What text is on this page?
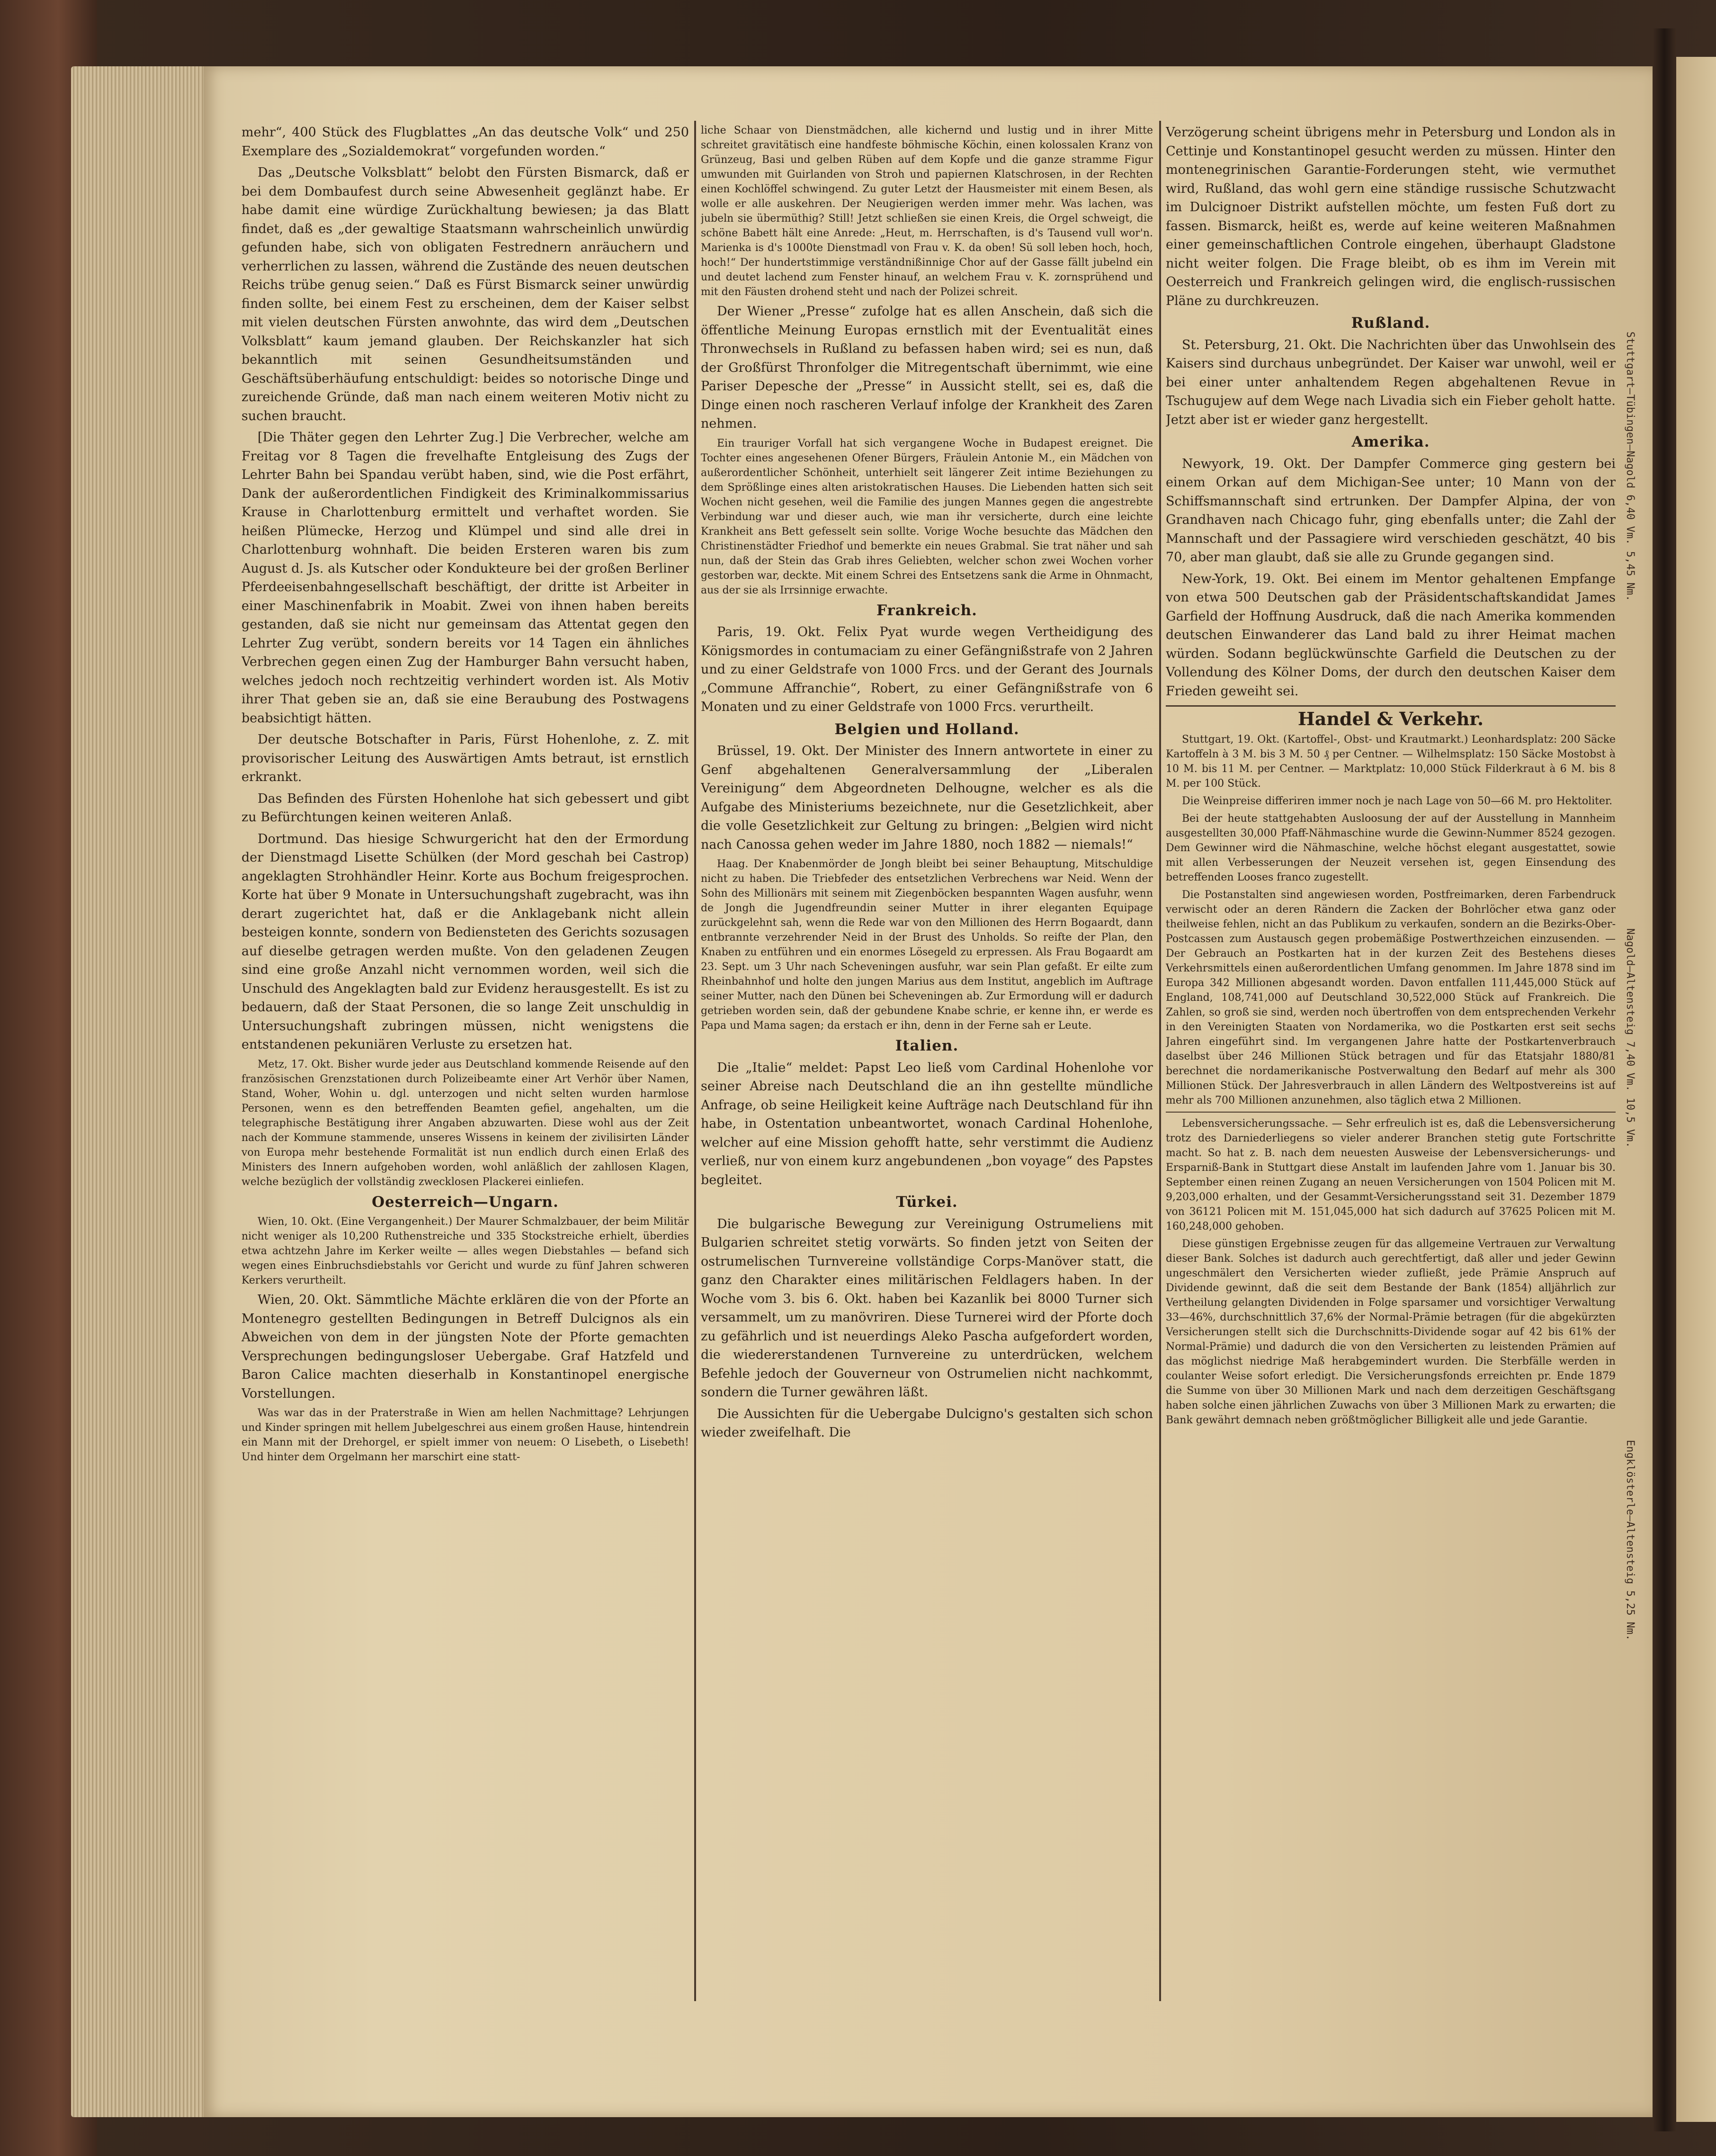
mehr“, 400 Stück des Flugblattes „An das deutsche Volk“ und 250 Exemplare des „Sozialdemokrat“ vorgefunden worden.“

Das „Deutsche Volksblatt“ belobt den Fürsten Bismarck, daß er bei dem Dombaufest durch seine Abwesenheit geglänzt habe. Er habe damit eine würdige Zurückhaltung bewiesen; ja das Blatt findet, daß es „der gewaltige Staatsmann wahrscheinlich unwürdig gefunden habe, sich von obligaten Festrednern anräuchern und verherrlichen zu lassen, während die Zustände des neuen deutschen Reichs trübe genug seien.“ Daß es Fürst Bismarck seiner unwürdig finden sollte, bei einem Fest zu erscheinen, dem der Kaiser selbst mit vielen deutschen Fürsten anwohnte, das wird dem „Deutschen Volksblatt“ kaum jemand glauben. Der Reichskanzler hat sich bekanntlich mit seinen Gesundheitsumständen und Geschäftsüberhäufung entschuldigt: beides so notorische Dinge und zureichende Gründe, daß man nach einem weiteren Motiv nicht zu suchen braucht.

[Die Thäter gegen den Lehrter Zug.] Die Verbrecher, welche am Freitag vor 8 Tagen die frevelhafte Entgleisung des Zugs der Lehrter Bahn bei Spandau verübt haben, sind, wie die Post erfährt, Dank der außerordentlichen Findigkeit des Kriminalkommissarius Krause in Charlottenburg ermittelt und verhaftet worden. Sie heißen Plümecke, Herzog und Klümpel und sind alle drei in Charlottenburg wohnhaft. Die beiden Ersteren waren bis zum August d. Js. als Kutscher oder Kondukteure bei der großen Berliner Pferdeeisenbahngesellschaft beschäftigt, der dritte ist Arbeiter in einer Maschinenfabrik in Moabit. Zwei von ihnen haben bereits gestanden, daß sie nicht nur gemeinsam das Attentat gegen den Lehrter Zug verübt, sondern bereits vor 14 Tagen ein ähnliches Verbrechen gegen einen Zug der Hamburger Bahn versucht haben, welches jedoch noch rechtzeitig verhindert worden ist. Als Motiv ihrer That geben sie an, daß sie eine Beraubung des Postwagens beabsichtigt hätten.

Der deutsche Botschafter in Paris, Fürst Hohenlohe, z. Z. mit provisorischer Leitung des Auswärtigen Amts betraut, ist ernstlich erkrankt.

Das Befinden des Fürsten Hohenlohe hat sich gebessert und gibt zu Befürchtungen keinen weiteren Anlaß.

Dortmund. Das hiesige Schwurgericht hat den der Ermordung der Dienstmagd Lisette Schülken (der Mord geschah bei Castrop) angeklagten Strohhändler Heinr. Korte aus Bochum freigesprochen. Korte hat über 9 Monate in Untersuchungshaft zugebracht, was ihn derart zugerichtet hat, daß er die Anklagebank nicht allein besteigen konnte, sondern von Bediensteten des Gerichts sozusagen auf dieselbe getragen werden mußte. Von den geladenen Zeugen sind eine große Anzahl nicht vernommen worden, weil sich die Unschuld des Angeklagten bald zur Evidenz herausgestellt. Es ist zu bedauern, daß der Staat Personen, die so lange Zeit unschuldig in Untersuchungshaft zubringen müssen, nicht wenigstens die entstandenen pekuniären Verluste zu ersetzen hat.

Metz, 17. Okt. Bisher wurde jeder aus Deutschland kommende Reisende auf den französischen Grenzstationen durch Polizeibeamte einer Art Verhör über Namen, Stand, Woher, Wohin u. dgl. unterzogen und nicht selten wurden harmlose Personen, wenn es den betreffenden Beamten gefiel, angehalten, um die telegraphische Bestätigung ihrer Angaben abzuwarten. Diese wohl aus der Zeit nach der Kommune stammende, unseres Wissens in keinem der zivilisirten Länder von Europa mehr bestehende Formalität ist nun endlich durch einen Erlaß des Ministers des Innern aufgehoben worden, wohl anläßlich der zahllosen Klagen, welche bezüglich der vollständig zwecklosen Plackerei einliefen.

Oesterreich—Ungarn.

Wien, 10. Okt. (Eine Vergangenheit.) Der Maurer Schmalzbauer, der beim Militär nicht weniger als 10,200 Ruthenstreiche und 335 Stockstreiche erhielt, überdies etwa achtzehn Jahre im Kerker weilte — alles wegen Diebstahles — befand sich wegen eines Einbruchsdiebstahls vor Gericht und wurde zu fünf Jahren schweren Kerkers verurtheilt.

Wien, 20. Okt. Sämmtliche Mächte erklären die von der Pforte an Montenegro gestellten Bedingungen in Betreff Dulcignos als ein Abweichen von dem in der jüngsten Note der Pforte gemachten Versprechungen bedingungsloser Uebergabe. Graf Hatzfeld und Baron Calice machten dieserhalb in Konstantinopel energische Vorstellungen.

Was war das in der Praterstraße in Wien am hellen Nachmittage? Lehrjungen und Kinder springen mit hellem Jubelgeschrei aus einem großen Hause, hintendrein ein Mann mit der Drehorgel, er spielt immer von neuem: O Lisebeth, o Lisebeth! Und hinter dem Orgelmann her marschirt eine statt-

liche Schaar von Dienstmädchen, alle kichernd und lustig und in ihrer Mitte schreitet gravitätisch eine handfeste böhmische Köchin, einen kolossalen Kranz von Grünzeug, Basi und gelben Rüben auf dem Kopfe und die ganze stramme Figur umwunden mit Guirlanden von Stroh und papiernen Klatschrosen, in der Rechten einen Kochlöffel schwingend. Zu guter Letzt der Hausmeister mit einem Besen, als wolle er alle auskehren. Der Neugierigen werden immer mehr. Was lachen, was jubeln sie übermüthig? Still! Jetzt schließen sie einen Kreis, die Orgel schweigt, die schöne Babett hält eine Anrede: „Heut, m. Herrschaften, is d's Tausend vull wor'n. Marienka is d's 1000te Dienstmadl von Frau v. K. da oben! Sü soll leben hoch, hoch, hoch!“ Der hundertstimmige verständnißinnige Chor auf der Gasse fällt jubelnd ein und deutet lachend zum Fenster hinauf, an welchem Frau v. K. zornsprühend und mit den Fäusten drohend steht und nach der Polizei schreit.

Der Wiener „Presse“ zufolge hat es allen Anschein, daß sich die öffentliche Meinung Europas ernstlich mit der Eventualität eines Thronwechsels in Rußland zu befassen haben wird; sei es nun, daß der Großfürst Thronfolger die Mitregentschaft übernimmt, wie eine Pariser Depesche der „Presse“ in Aussicht stellt, sei es, daß die Dinge einen noch rascheren Verlauf infolge der Krankheit des Zaren nehmen.

Ein trauriger Vorfall hat sich vergangene Woche in Budapest ereignet. Die Tochter eines angesehenen Ofener Bürgers, Fräulein Antonie M., ein Mädchen von außerordentlicher Schönheit, unterhielt seit längerer Zeit intime Beziehungen zu dem Sprößlinge eines alten aristokratischen Hauses. Die Liebenden hatten sich seit Wochen nicht gesehen, weil die Familie des jungen Mannes gegen die angestrebte Verbindung war und dieser auch, wie man ihr versicherte, durch eine leichte Krankheit ans Bett gefesselt sein sollte. Vorige Woche besuchte das Mädchen den Christinenstädter Friedhof und bemerkte ein neues Grabmal. Sie trat näher und sah nun, daß der Stein das Grab ihres Geliebten, welcher schon zwei Wochen vorher gestorben war, deckte. Mit einem Schrei des Entsetzens sank die Arme in Ohnmacht, aus der sie als Irrsinnige erwachte.

Frankreich.

Paris, 19. Okt. Felix Pyat wurde wegen Vertheidigung des Königsmordes in contumaciam zu einer Gefängnißstrafe von 2 Jahren und zu einer Geldstrafe von 1000 Frcs. und der Gerant des Journals „Commune Affranchie“, Robert, zu einer Gefängnißstrafe von 6 Monaten und zu einer Geldstrafe von 1000 Frcs. verurtheilt.

Belgien und Holland.

Brüssel, 19. Okt. Der Minister des Innern antwortete in einer zu Genf abgehaltenen Generalversammlung der „Liberalen Vereinigung“ dem Abgeordneten Delhougne, welcher es als die Aufgabe des Ministeriums bezeichnete, nur die Gesetzlichkeit, aber die volle Gesetzlichkeit zur Geltung zu bringen: „Belgien wird nicht nach Canossa gehen weder im Jahre 1880, noch 1882 — niemals!“

Haag. Der Knabenmörder de Jongh bleibt bei seiner Behauptung, Mitschuldige nicht zu haben. Die Triebfeder des entsetzlichen Verbrechens war Neid. Wenn der Sohn des Millionärs mit seinem mit Ziegenböcken bespannten Wagen ausfuhr, wenn de Jongh die Jugendfreundin seiner Mutter in ihrer eleganten Equipage zurückgelehnt sah, wenn die Rede war von den Millionen des Herrn Bogaardt, dann entbrannte verzehrender Neid in der Brust des Unholds. So reifte der Plan, den Knaben zu entführen und ein enormes Lösegeld zu erpressen. Als Frau Bogaardt am 23. Sept. um 3 Uhr nach Scheveningen ausfuhr, war sein Plan gefaßt. Er eilte zum Rheinbahnhof und holte den jungen Marius aus dem Institut, angeblich im Auftrage seiner Mutter, nach den Dünen bei Scheveningen ab. Zur Ermordung will er dadurch getrieben worden sein, daß der gebundene Knabe schrie, er kenne ihn, er werde es Papa und Mama sagen; da erstach er ihn, denn in der Ferne sah er Leute.

Italien.

Die „Italie“ meldet: Papst Leo ließ vom Cardinal Hohenlohe vor seiner Abreise nach Deutschland die an ihn gestellte mündliche Anfrage, ob seine Heiligkeit keine Aufträge nach Deutschland für ihn habe, in Ostentation unbeantwortet, wonach Cardinal Hohenlohe, welcher auf eine Mission gehofft hatte, sehr verstimmt die Audienz verließ, nur von einem kurz angebundenen „bon voyage“ des Papstes begleitet.

Türkei.

Die bulgarische Bewegung zur Vereinigung Ostrumeliens mit Bulgarien schreitet stetig vorwärts. So finden jetzt von Seiten der ostrumelischen Turnvereine vollständige Corps-Manöver statt, die ganz den Charakter eines militärischen Feldlagers haben. In der Woche vom 3. bis 6. Okt. haben bei Kazanlik bei 8000 Turner sich versammelt, um zu manövriren. Diese Turnerei wird der Pforte doch zu gefährlich und ist neuerdings Aleko Pascha aufgefordert worden, die wiedererstandenen Turnvereine zu unterdrücken, welchem Befehle jedoch der Gouverneur von Ostrumelien nicht nachkommt, sondern die Turner gewähren läßt.

Die Aussichten für die Uebergabe Dulcigno's gestalten sich schon wieder zweifelhaft. Die

Verzögerung scheint übrigens mehr in Petersburg und London als in Cettinje und Konstantinopel gesucht werden zu müssen. Hinter den montenegrinischen Garantie-Forderungen steht, wie vermuthet wird, Rußland, das wohl gern eine ständige russische Schutzwacht im Dulcignoer Distrikt aufstellen möchte, um festen Fuß dort zu fassen. Bismarck, heißt es, werde auf keine weiteren Maßnahmen einer gemeinschaftlichen Controle eingehen, überhaupt Gladstone nicht weiter folgen. Die Frage bleibt, ob es ihm im Verein mit Oesterreich und Frankreich gelingen wird, die englisch-russischen Pläne zu durchkreuzen.

Rußland.

St. Petersburg, 21. Okt. Die Nachrichten über das Unwohlsein des Kaisers sind durchaus unbegründet. Der Kaiser war unwohl, weil er bei einer unter anhaltendem Regen abgehaltenen Revue in Tschugujew auf dem Wege nach Livadia sich ein Fieber geholt hatte. Jetzt aber ist er wieder ganz hergestellt.

Amerika.

Newyork, 19. Okt. Der Dampfer Commerce ging gestern bei einem Orkan auf dem Michigan-See unter; 10 Mann von der Schiffsmannschaft sind ertrunken. Der Dampfer Alpina, der von Grandhaven nach Chicago fuhr, ging ebenfalls unter; die Zahl der Mannschaft und der Passagiere wird verschieden geschätzt, 40 bis 70, aber man glaubt, daß sie alle zu Grunde gegangen sind.

New-York, 19. Okt. Bei einem im Mentor gehaltenen Empfange von etwa 500 Deutschen gab der Präsidentschaftskandidat James Garfield der Hoffnung Ausdruck, daß die nach Amerika kommenden deutschen Einwanderer das Land bald zu ihrer Heimat machen würden. Sodann beglückwünschte Garfield die Deutschen zu der Vollendung des Kölner Doms, der durch den deutschen Kaiser dem Frieden geweiht sei.

Handel & Verkehr.

Stuttgart, 19. Okt. (Kartoffel-, Obst- und Krautmarkt.) Leonhardsplatz: 200 Säcke Kartoffeln à 3 M. bis 3 M. 50 ₰ per Centner. — Wilhelmsplatz: 150 Säcke Mostobst à 10 M. bis 11 M. per Centner. — Marktplatz: 10,000 Stück Filderkraut à 6 M. bis 8 M. per 100 Stück.

Die Weinpreise differiren immer noch je nach Lage von 50—66 M. pro Hektoliter.

Bei der heute stattgehabten Ausloosung der auf der Ausstellung in Mannheim ausgestellten 30,000 Pfaff-Nähmaschine wurde die Gewinn-Nummer 8524 gezogen. Dem Gewinner wird die Nähmaschine, welche höchst elegant ausgestattet, sowie mit allen Verbesserungen der Neuzeit versehen ist, gegen Einsendung des betreffenden Looses franco zugestellt.

Die Postanstalten sind angewiesen worden, Postfreimarken, deren Farbendruck verwischt oder an deren Rändern die Zacken der Bohrlöcher etwa ganz oder theilweise fehlen, nicht an das Publikum zu verkaufen, sondern an die Bezirks-Ober-Postcassen zum Austausch gegen probemäßige Postwerthzeichen einzusenden. — Der Gebrauch an Postkarten hat in der kurzen Zeit des Bestehens dieses Verkehrsmittels einen außerordentlichen Umfang genommen. Im Jahre 1878 sind im Europa 342 Millionen abgesandt worden. Davon entfallen 111,445,000 Stück auf England, 108,741,000 auf Deutschland 30,522,000 Stück auf Frankreich. Die Zahlen, so groß sie sind, werden noch übertroffen von dem entsprechenden Verkehr in den Vereinigten Staaten von Nordamerika, wo die Postkarten erst seit sechs Jahren eingeführt sind. Im vergangenen Jahre hatte der Postkartenverbrauch daselbst über 246 Millionen Stück betragen und für das Etatsjahr 1880/81 berechnet die nordamerikanische Postverwaltung den Bedarf auf mehr als 300 Millionen Stück. Der Jahresverbrauch in allen Ländern des Weltpostvereins ist auf mehr als 700 Millionen anzunehmen, also täglich etwa 2 Millionen.

Lebensversicherungssache. — Sehr erfreulich ist es, daß die Lebensversicherung trotz des Darniederliegens so vieler anderer Branchen stetig gute Fortschritte macht. So hat z. B. nach dem neuesten Ausweise der Lebensversicherungs- und Ersparniß-Bank in Stuttgart diese Anstalt im laufenden Jahre vom 1. Januar bis 30. September einen reinen Zugang an neuen Versicherungen von 1504 Policen mit M. 9,203,000 erhalten, und der Gesammt-Versicherungsstand seit 31. Dezember 1879 von 36121 Policen mit M. 151,045,000 hat sich dadurch auf 37625 Policen mit M. 160,248,000 gehoben.

Diese günstigen Ergebnisse zeugen für das allgemeine Vertrauen zur Verwaltung dieser Bank. Solches ist dadurch auch gerechtfertigt, daß aller und jeder Gewinn ungeschmälert den Versicherten wieder zufließt, jede Prämie Anspruch auf Dividende gewinnt, daß die seit dem Bestande der Bank (1854) alljährlich zur Vertheilung gelangten Dividenden in Folge sparsamer und vorsichtiger Verwaltung 33—46%, durchschnittlich 37,6% der Normal-Prämie betragen (für die abgekürzten Versicherungen stellt sich die Durchschnitts-Dividende sogar auf 42 bis 61% der Normal-Prämie) und dadurch die von den Versicherten zu leistenden Prämien auf das möglichst niedrige Maß herabgemindert wurden. Die Sterbfälle werden in coulanter Weise sofort erledigt. Die Versicherungsfonds erreichten pr. Ende 1879 die Summe von über 30 Millionen Mark und nach dem derzeitigen Geschäftsgang haben solche einen jährlichen Zuwachs von über 3 Millionen Mark zu erwarten; die Bank gewährt demnach neben größtmöglicher Billigkeit alle und jede Garantie.

Stuttgart—Tübingen—Nagold 6,40 Vm. 5,45 Nm.
Nagold—Altensteig 7,40 Vm. 10,5 Vm.
Engklösterle—Altensteig 5,25 Nm.
